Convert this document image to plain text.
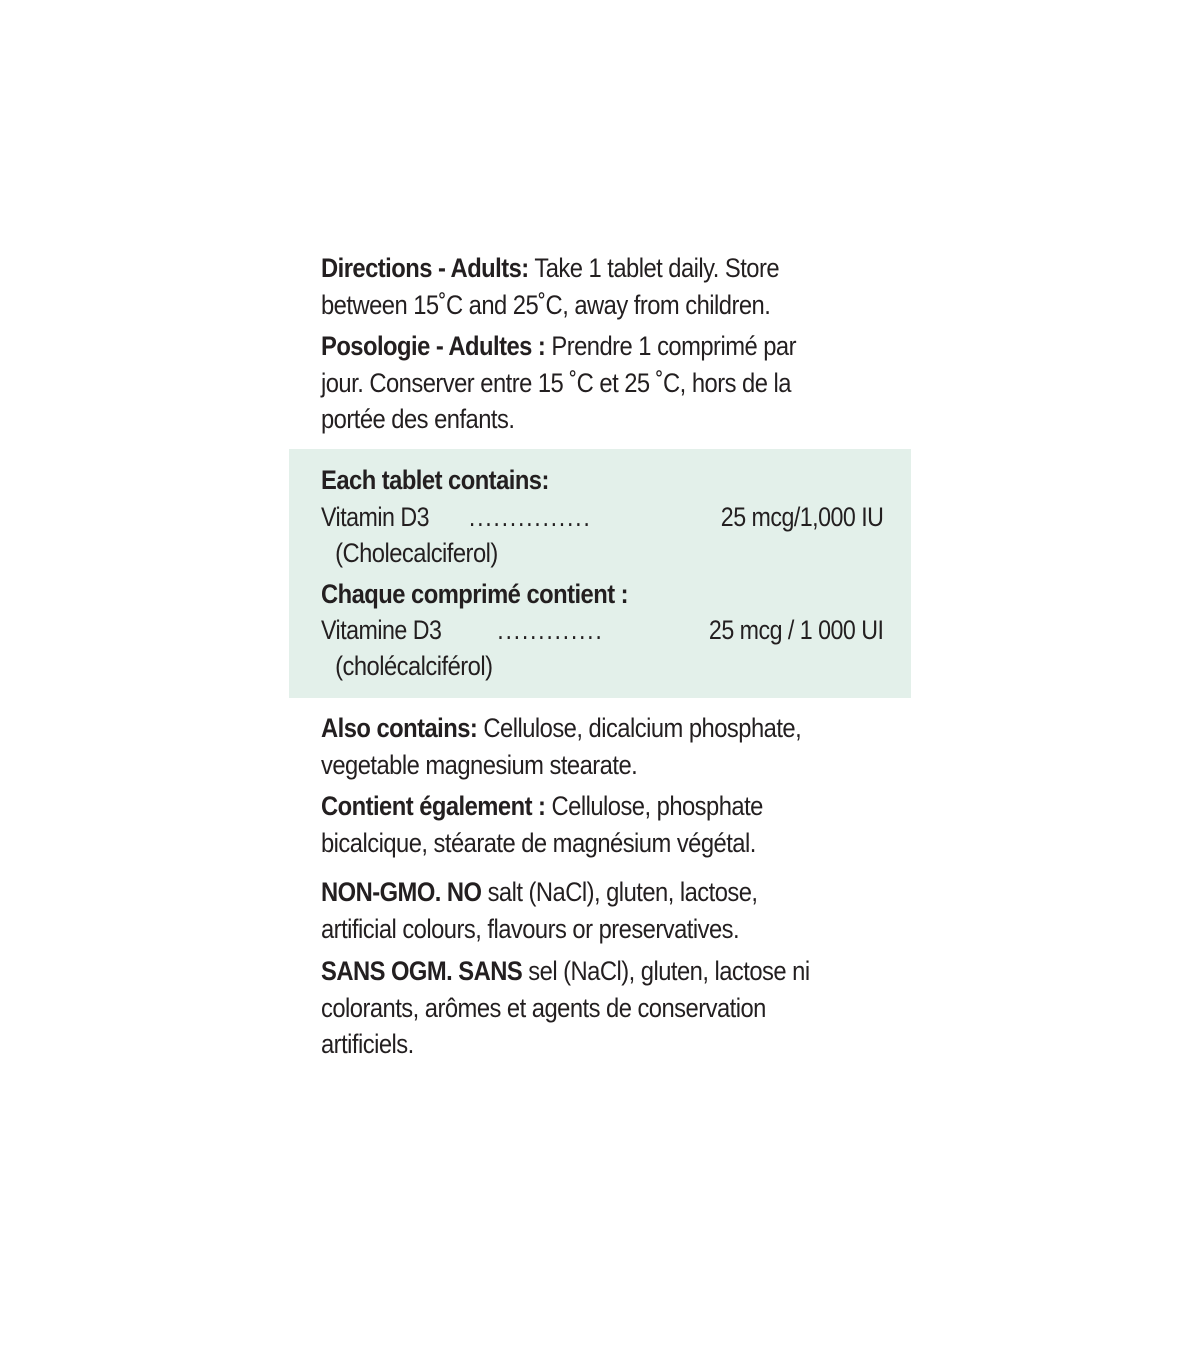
Directions - Adults: Take 1 tablet daily. Store
between 15˚C and 25˚C, away from children.
Posologie - Adultes : Prendre 1 comprimé par
jour. Conserver entre 15 ˚C et 25 ˚C, hors de la
portée des enfants.
Each tablet contains:
Vitamin D3 ...............	25 mcg/1,000 IU
(Cholecalciferol)
Chaque comprimé contient :
Vitamine D3 .............	25 mcg / 1 000 UI
(cholécalciférol)
Also contains: Cellulose, dicalcium phosphate,
vegetable magnesium stearate.
Contient également : Cellulose, phosphate
bicalcique, stéarate de magnésium végétal.
NON-GMO. NO salt (NaCl), gluten, lactose,
artificial colours, flavours or preservatives.
SANS OGM. SANS sel (NaCl), gluten, lactose ni
colorants, arômes et agents de conservation
artificiels.
